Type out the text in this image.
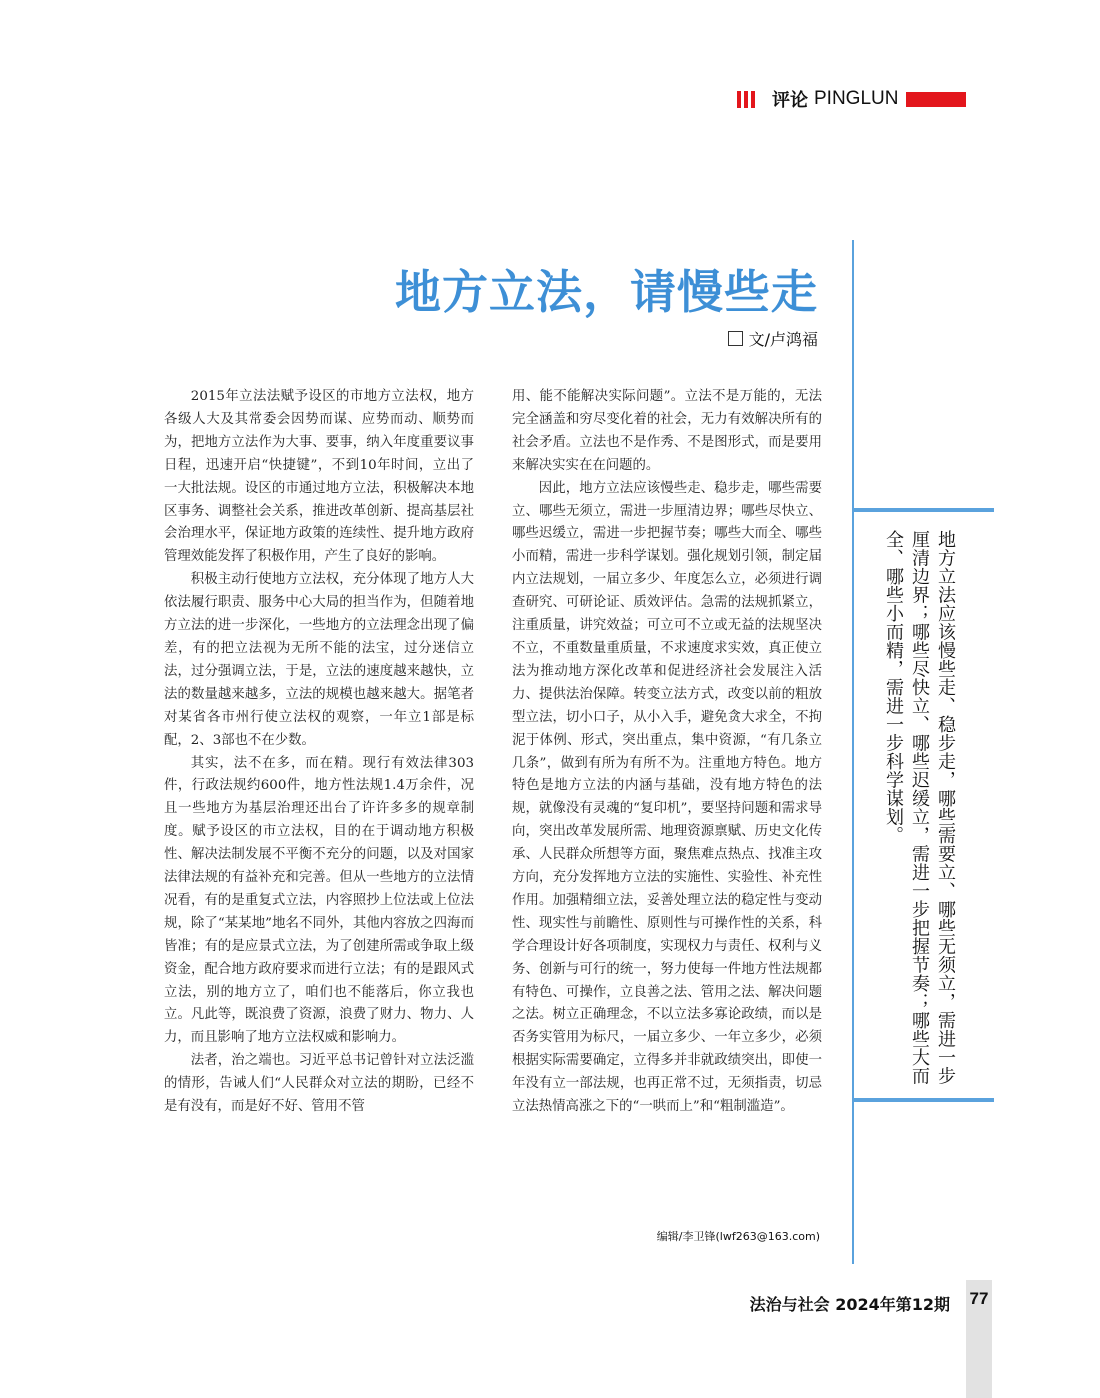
评论 PINGLUN
地方立法，请慢些走
文/卢鸿福

2015年立法法赋予设区的市地方立法权，地方各级人大及其常委会因势而谋、应势而动、顺势而为，把地方立法作为大事、要事，纳入年度重要议事日程，迅速开启“快捷键”，不到10年时间，立出了一大批法规。设区的市通过地方立法，积极解决本地区事务、调整社会关系，推进改革创新、提高基层社会治理水平，保证地方政策的连续性、提升地方政府管理效能发挥了积极作用，产生了良好的影响。

积极主动行使地方立法权，充分体现了地方人大依法履行职责、服务中心大局的担当作为，但随着地方立法的进一步深化，一些地方的立法理念出现了偏差，有的把立法视为无所不能的法宝，过分迷信立法，过分强调立法，于是，立法的速度越来越快，立法的数量越来越多，立法的规模也越来越大。据笔者对某省各市州行使立法权的观察，一年立1部是标配，2、3部也不在少数。

其实，法不在多，而在精。现行有效法律303件，行政法规约600件，地方性法规1.4万余件，况且一些地方为基层治理还出台了许许多多的规章制度。赋予设区的市立法权，目的在于调动地方积极性、解决法制发展不平衡不充分的问题，以及对国家法律法规的有益补充和完善。但从一些地方的立法情况看，有的是重复式立法，内容照抄上位法或上位法规，除了“某某地”地名不同外，其他内容放之四海而皆准；有的是应景式立法，为了创建所需或争取上级资金，配合地方政府要求而进行立法；有的是跟风式立法，别的地方立了，咱们也不能落后，你立我也立。凡此等，既浪费了资源，浪费了财力、物力、人力，而且影响了地方立法权威和影响力。

法者，治之端也。习近平总书记曾针对立法泛滥的情形，告诫人们“人民群众对立法的期盼，已经不是有没有，而是好不好、管用不管

用、能不能解决实际问题”。立法不是万能的，无法完全涵盖和穷尽变化着的社会，无力有效解决所有的社会矛盾。立法也不是作秀、不是图形式，而是要用来解决实实在在问题的。

因此，地方立法应该慢些走、稳步走，哪些需要立、哪些无须立，需进一步厘清边界；哪些尽快立、哪些迟缓立，需进一步把握节奏；哪些大而全、哪些小而精，需进一步科学谋划。强化规划引领，制定届内立法规划，一届立多少、年度怎么立，必须进行调查研究、可研论证、质效评估。急需的法规抓紧立，注重质量，讲究效益；可立可不立或无益的法规坚决不立，不重数量重质量，不求速度求实效，真正使立法为推动地方深化改革和促进经济社会发展注入活力、提供法治保障。转变立法方式，改变以前的粗放型立法，切小口子，从小入手，避免贪大求全，不拘泥于体例、形式，突出重点，集中资源，“有几条立几条”，做到有所为有所不为。注重地方特色。地方特色是地方立法的内涵与基础，没有地方特色的法规，就像没有灵魂的“复印机”，要坚持问题和需求导向，突出改革发展所需、地理资源禀赋、历史文化传承、人民群众所想等方面，聚焦难点热点、找准主攻方向，充分发挥地方立法的实施性、实验性、补充性作用。加强精细立法，妥善处理立法的稳定性与变动性、现实性与前瞻性、原则性与可操作性的关系，科学合理设计好各项制度，实现权力与责任、权利与义务、创新与可行的统一，努力使每一件地方性法规都有特色、可操作，立良善之法、管用之法、解决问题之法。树立正确理念，不以立法多寡论政绩，而以是否务实管用为标尺，一届立多少、一年立多少，必须根据实际需要确定，立得多并非就政绩突出，即使一年没有立一部法规，也再正常不过，无须指责，切忌立法热情高涨之下的“一哄而上”和“粗制滥造”。

编辑/李卫锋(lwf263@163.com)
地方立法应该慢些走、稳步走，哪些需要立、哪些无须立，需进一步厘清边界；哪些尽快立、哪些迟缓立，需进一步把握节奏；哪些大而全、哪些小而精，需进一步科学谋划。
法治与社会 2024年第12期 77
